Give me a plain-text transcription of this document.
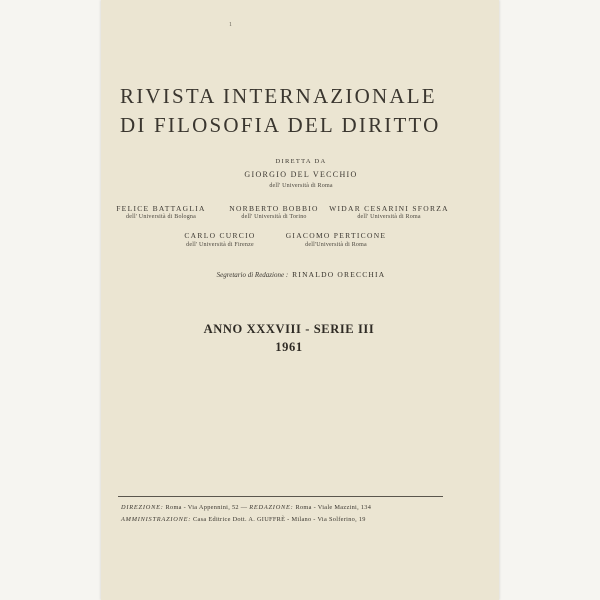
1
RIVISTA INTERNAZIONALE
DI FILOSOFIA DEL DIRITTO
DIRETTA DA
GIORGIO DEL VECCHIO
dell' Università di Roma
FELICE BATTAGLIA
dell' Università di Bologna
NORBERTO BOBBIO
dell' Università di Torino
WIDAR CESARINI SFORZA
dell' Università di Roma
CARLO CURCIO
dell' Università di Firenze
GIACOMO PERTICONE
dell'Università di Roma
Segretario di Redazione : RINALDO ORECCHIA
ANNO XXXVIII - SERIE III
1961
DIREZIONE: Roma - Via Appennini, 52 — REDAZIONE: Roma - Viale Mazzini, 134
AMMINISTRAZIONE: Casa Editrice Dott. A. GIUFFRÈ - Milano - Via Solferino, 19
